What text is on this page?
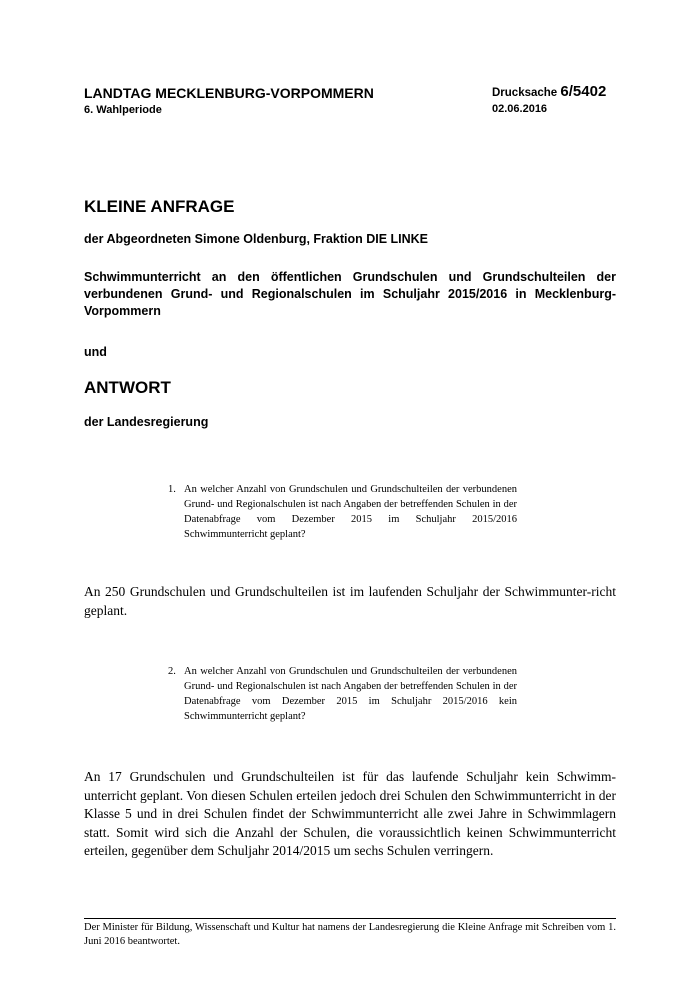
LANDTAG MECKLENBURG-VORPOMMERN
6. Wahlperiode
Drucksache 6/5402
02.06.2016
KLEINE ANFRAGE
der Abgeordneten Simone Oldenburg, Fraktion DIE LINKE
Schwimmunterricht an den öffentlichen Grundschulen und Grundschulteilen der verbundenen Grund- und Regionalschulen im Schuljahr 2015/2016 in Mecklenburg-Vorpommern
und
ANTWORT
der Landesregierung
1. An welcher Anzahl von Grundschulen und Grundschulteilen der verbundenen Grund- und Regionalschulen ist nach Angaben der betreffenden Schulen in der Datenabfrage vom Dezember 2015 im Schuljahr 2015/2016 Schwimmunterricht geplant?
An 250 Grundschulen und Grundschulteilen ist im laufenden Schuljahr der Schwimmunter-richt geplant.
2. An welcher Anzahl von Grundschulen und Grundschulteilen der verbundenen Grund- und Regionalschulen ist nach Angaben der betreffenden Schulen in der Datenabfrage vom Dezember 2015 im Schuljahr 2015/2016 kein Schwimmunterricht geplant?
An 17 Grundschulen und Grundschulteilen ist für das laufende Schuljahr kein Schwimm-unterricht geplant. Von diesen Schulen erteilen jedoch drei Schulen den Schwimmunterricht in der Klasse 5 und in drei Schulen findet der Schwimmunterricht alle zwei Jahre in Schwimmlagern statt. Somit wird sich die Anzahl der Schulen, die voraussichtlich keinen Schwimmunterricht erteilen, gegenüber dem Schuljahr 2014/2015 um sechs Schulen verringern.
Der Minister für Bildung, Wissenschaft und Kultur hat namens der Landesregierung die Kleine Anfrage mit Schreiben vom 1. Juni 2016 beantwortet.
